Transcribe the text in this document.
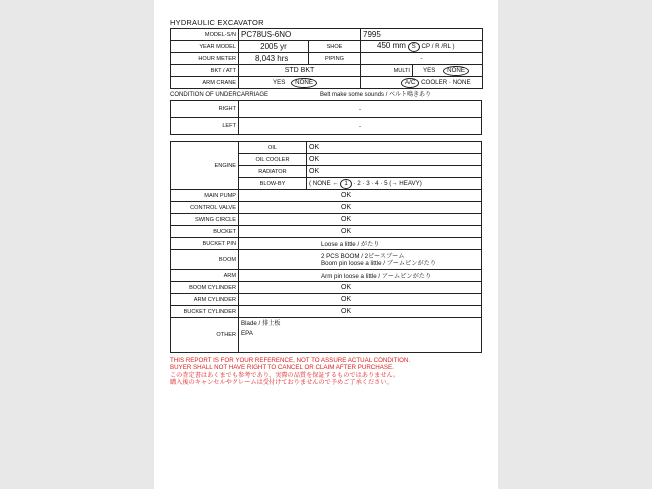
HYDRAULIC EXCAVATOR
MODEL-S/N	PC78US-6NO		7995	
YEAR MODEL	2005 yr	SHOE	450 mm S CP / R /RL )	
HOUR METER	8,043 hrs	PIPING	-	
BKT / ATT	STD BKT		MULTI	YES NONE
ARM CRANE	YES NONE		A/C COOLER · NONE	
CONDITION OF UNDERCARRIAGE	Belt make some sounds / ベルト鳴きあり
RIGHT	-
LEFT	-
ENGINE	OIL	OK
	OIL COOLER	OK
	RADIATOR	OK
	BLOW-BY	( NONE ← 1 · 2 · 3 · 4 · 5 (→ HEAVY)
MAIN PUMP	OK	
CONTROL VALVE	OK	
SWING CIRCLE	OK	
BUCKET	OK	
BUCKET PIN	Loose a little / がたり	
BOOM	2 PCS BOOM / 2ピースブーム
Boom pin loose a little / ブームピンがたり	

ARM	Arm pin loose a little / アームピンがたり	
BOOM CYLINDER	OK	
ARM CYLINDER	OK	
BUCKET CYLINDER	OK	
OTHER	Blade / 排土板
EPA	
THIS REPORT IS FOR YOUR REFERENCE, NOT TO ASSURE ACTUAL CONDITION.
BUYER SHALL NOT HAVE RIGHT TO CANCEL OR CLAIM AFTER PURCHASE.
この査定書はあくまでも参考であり、実際の品質を保証するものではありません。
購入後のキャンセルやクレームは受付けておりませんので予めご了承ください。
